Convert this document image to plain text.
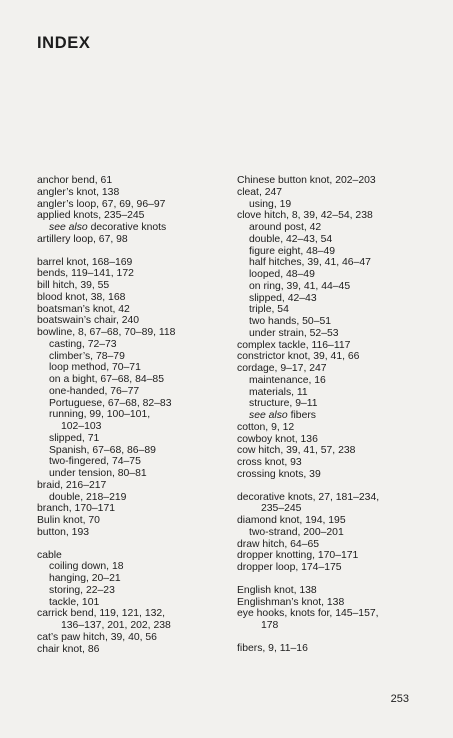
INDEX
anchor bend, 61
angler’s knot, 138
angler’s loop, 67, 69, 96–97
applied knots, 235–245
see also decorative knots
artillery loop, 67, 98
barrel knot, 168–169
bends, 119–141, 172
bill hitch, 39, 55
blood knot, 38, 168
boatsman’s knot, 42
boatswain’s chair, 240
bowline, 8, 67–68, 70–89, 118
casting, 72–73
climber’s, 78–79
loop method, 70–71
on a bight, 67–68, 84–85
one-handed, 76–77
Portuguese, 67–68, 82–83
running, 99, 100–101,
102–103
slipped, 71
Spanish, 67–68, 86–89
two-fingered, 74–75
under tension, 80–81
braid, 216–217
double, 218–219
branch, 170–171
Bulin knot, 70
button, 193
cable
coiling down, 18
hanging, 20–21
storing, 22–23
tackle, 101
carrick bend, 119, 121, 132,
136–137, 201, 202, 238
cat’s paw hitch, 39, 40, 56
chair knot, 86
Chinese button knot, 202–203
cleat, 247
using, 19
clove hitch, 8, 39, 42–54, 238
around post, 42
double, 42–43, 54
figure eight, 48–49
half hitches, 39, 41, 46–47
looped, 48–49
on ring, 39, 41, 44–45
slipped, 42–43
triple, 54
two hands, 50–51
under strain, 52–53
complex tackle, 116–117
constrictor knot, 39, 41, 66
cordage, 9–17, 247
maintenance, 16
materials, 11
structure, 9–11
see also fibers
cotton, 9, 12
cowboy knot, 136
cow hitch, 39, 41, 57, 238
cross knot, 93
crossing knots, 39
decorative knots, 27, 181–234,
235–245
diamond knot, 194, 195
two-strand, 200–201
draw hitch, 64–65
dropper knotting, 170–171
dropper loop, 174–175
English knot, 138
Englishman’s knot, 138
eye hooks, knots for, 145–157,
178
fibers, 9, 11–16
253
